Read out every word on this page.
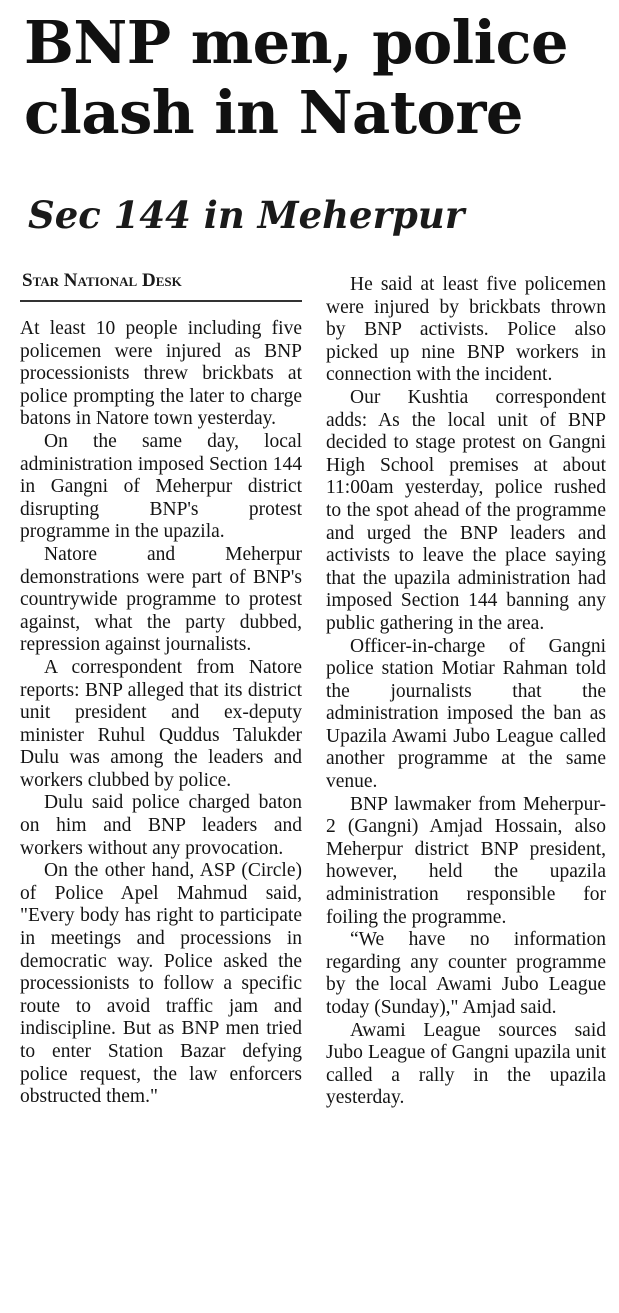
BNP men, police
clash in Natore
Sec 144 in Meherpur
Star National Desk

At least 10 people including five policemen were injured as BNP processionists threw brickbats at police prompting the later to charge batons in Natore town yesterday.

On the same day, local administration imposed Section 144 in Gangni of Meherpur district disrupting BNP's protest programme in the upazila.

Natore and Meherpur demonstrations were part of BNP's countrywide programme to protest against, what the party dubbed, repression against journalists.

A correspondent from Natore reports: BNP alleged that its district unit president and ex-deputy minister Ruhul Quddus Talukder Dulu was among the leaders and workers clubbed by police.

Dulu said police charged baton on him and BNP leaders and workers without any provocation.

On the other hand, ASP (Circle) of Police Apel Mahmud said, "Every body has right to participate in meetings and processions in democratic way. Police asked the processionists to follow a specific route to avoid traffic jam and indiscipline. But as BNP men tried to enter Station Bazar defying police request, the law enforcers obstructed them."

He said at least five policemen were injured by brickbats thrown by BNP activists. Police also picked up nine BNP workers in connection with the incident.

Our Kushtia correspondent adds: As the local unit of BNP decided to stage protest on Gangni High School premises at about 11:00am yesterday, police rushed to the spot ahead of the programme and urged the BNP leaders and activists to leave the place saying that the upazila administration had imposed Section 144 banning any public gathering in the area.

Officer-in-charge of Gangni police station Motiar Rahman told the journalists that the administration imposed the ban as Upazila Awami Jubo League called another programme at the same venue.

BNP lawmaker from Meherpur-2 (Gangni) Amjad Hossain, also Meherpur district BNP president, however, held the upazila administration responsible for foiling the programme.

“We have no information regarding any counter programme by the local Awami Jubo League today (Sunday)," Amjad said.

Awami League sources said Jubo League of Gangni upazila unit called a rally in the upazila yesterday.
